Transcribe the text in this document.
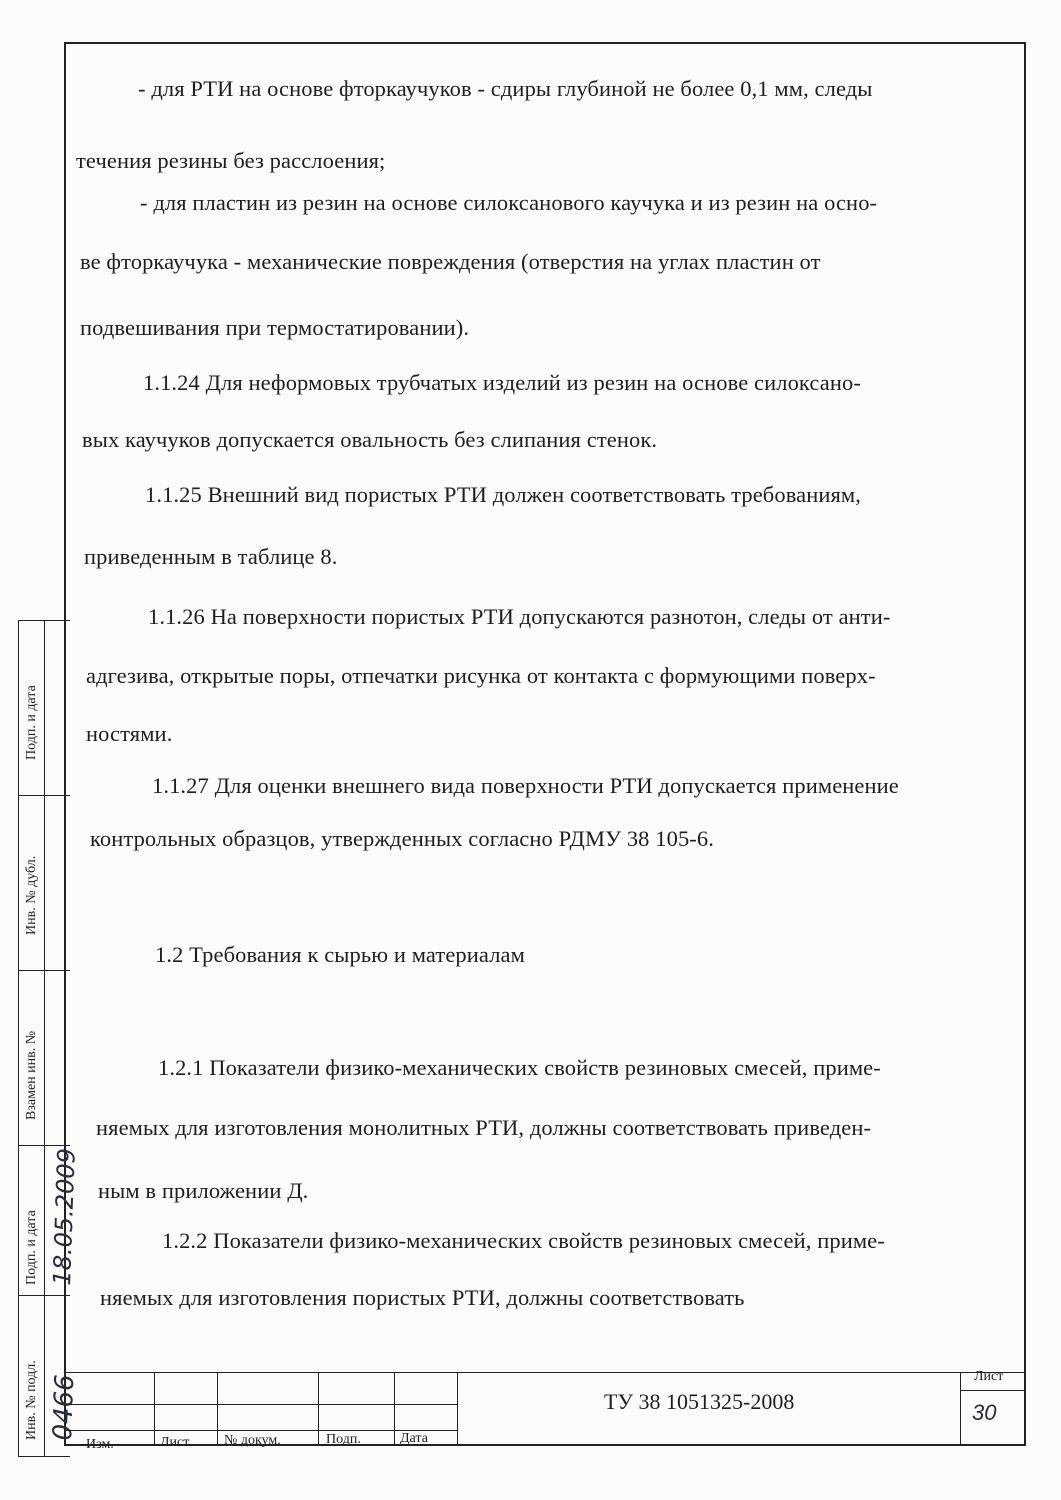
- для РТИ на основе фторкаучуков - сдиры глубиной не более 0,1 мм, следы
течения резины без расслоения;
- для пластин из резин на основе силоксанового каучука и из резин на осно-
ве фторкаучука - механические повреждения (отверстия на углах пластин от
подвешивания при термостатировании).
1.1.24 Для неформовых трубчатых изделий из резин на основе силоксано-
вых каучуков допускается овальность без слипания стенок.
1.1.25 Внешний вид пористых РТИ должен соответствовать требованиям,
приведенным в таблице 8.
1.1.26 На поверхности пористых РТИ допускаются разнотон, следы от анти-
адгезива, открытые поры, отпечатки рисунка от контакта с формующими поверх-
ностями.
1.1.27 Для оценки внешнего вида поверхности РТИ допускается применение
контрольных образцов, утвержденных согласно РДМУ 38 105-6.
1.2 Требования к сырью и материалам
1.2.1 Показатели физико-механических свойств резиновых смесей, приме-
няемых для изготовления монолитных РТИ, должны соответствовать приведен-
ным в приложении Д.
1.2.2 Показатели физико-механических свойств резиновых смесей, приме-
няемых для изготовления пористых РТИ, должны соответствовать
Подп. и дата
Инв. № дубл.
Взамен инв. №
Подп. и дата
Инв. № подл.
18.05.2009
0466
Изм.	Лист № докум.	Подп.	Дата
ТУ 38 1051325-2008
Лист
30
